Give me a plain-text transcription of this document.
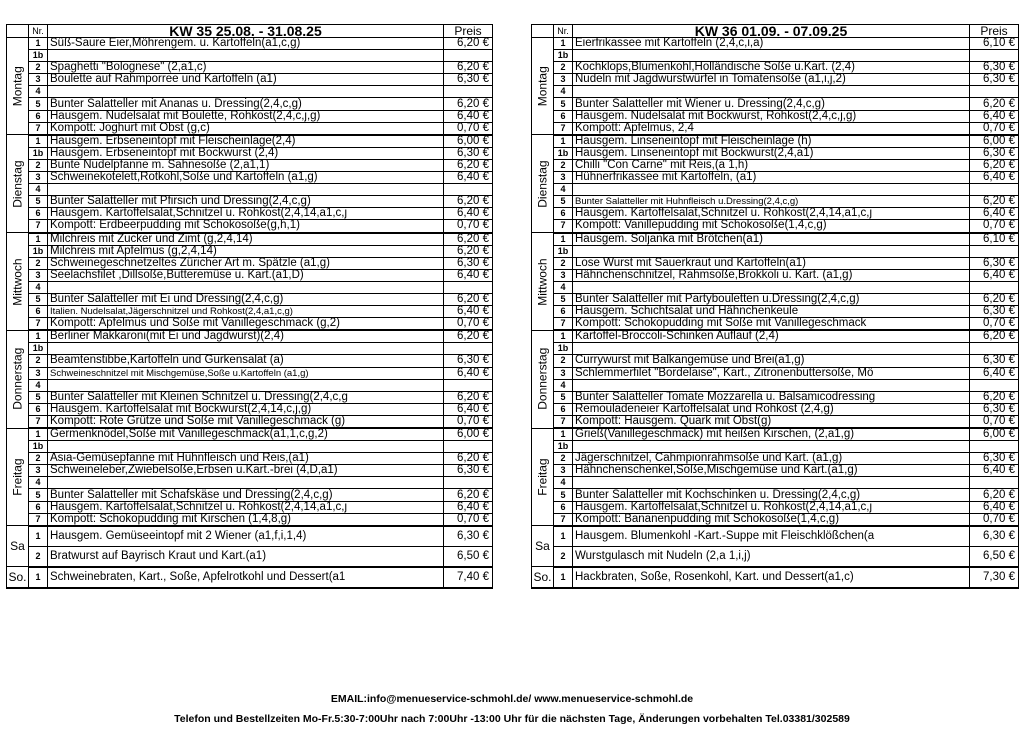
	Nr.	KW 35 25.08. - 31.08.25	Preis
Montag	1	Süß-Saure Eier,Möhrengem. u. Kartoffeln(a1,c,g)	6,20 €
	1b		
	2	Spaghetti "Bolognese" (2,a1,c)	6,20 €
	3	Boulette auf Rahmporree und Kartoffeln (a1)	6,30 €
	4		
	5	Bunter Salatteller mit Ananas u. Dressing(2,4,c,g)	6,20 €
	6	Hausgem. Nudelsalat mit Boulette, Rohkost(2,4,c,j,g)	6,40 €
	7	Kompott: Joghurt mit Obst (g,c)	0,70 €
Dienstag	1	Hausgem. Erbseneintopf mit Fleischeinlage(2,4)	6,00 €
	1b	Hausgem. Erbseneintopf mit Bockwurst (2,4)	6,30 €
	2	Bunte Nudelpfanne m. Sahnesoße (2,a1,1)	6,20 €
	3	Schweinekotelett,Rotkohl,Soße und Kartoffeln (a1,g)	6,40 €
	4		
	5	Bunter Salatteller mit Pfirsich und Dressing(2,4,c,g)	6,20 €
	6	Hausgem. Kartoffelsalat,Schnitzel u. Rohkost(2,4,14,a1,c,j	6,40 €
	7	Kompott: Erdbeerpudding mit Schokosoße(g,h,1)	0,70 €
Mittwoch	1	Milchreis mit Zucker und Zimt (g,2,4,14)	6,20 €
	1b	Milchreis mit Apfelmus (g,2,4,14)	6,20 €
	2	Schweinegeschnetzeltes Züricher Art m. Spätzle (a1,g)	6,30 €
	3	Seelachsfilet ,Dillsoße,Butteremüse u. Kart.(a1,D)	6,40 €
	4		
	5	Bunter Salatteller mit Ei und Dressing(2,4,c,g)	6,20 €
	6	Italien. Nudelsalat,Jägerschnitzel und Rohkost(2,4,a1,c,g)	6,40 €
	7	Kompott: Apfelmus und Soße mit Vanillegeschmack (g,2)	0,70 €
Donnerstag	1	Berliner Makkaroni(mit Ei und Jagdwurst)(2,4)	6,20 €
	1b		
	2	Beamtenstibbe,Kartoffeln und Gurkensalat (a)	6,30 €
	3	Schweineschnitzel mit Mischgemüse,Soße u.Kartoffeln (a1,g)	6,40 €
	4		
	5	Bunter Salatteller mit Kleinen Schnitzel u. Dressing(2,4,c,g	6,20 €
	6	Hausgem. Kartoffelsalat mit Bockwurst(2,4,14,c,j,g)	6,40 €
	7	Kompott: Rote Grütze und Soße mit Vanillegeschmack (g)	0,70 €
Freitag	1	Germenknödel,Soße mit Vanillegeschmack(a1,1,c,g,2)	6,00 €
	1b		
	2	Asia-Gemüsepfanne mit Huhnfleisch und Reis,(a1)	6,20 €
	3	Schweineleber,Zwiebelsoße,Erbsen u.Kart.-brei (4,D,a1)	6,30 €
	4		
	5	Bunter Salatteller mit Schafskäse und Dressing(2,4,c,g)	6,20 €
	6	Hausgem. Kartoffelsalat,Schnitzel u. Rohkost(2,4,14,a1,c,j	6,40 €
	7	Kompott: Schokopudding mit Kirschen (1,4,8,g)	0,70 €
Sa	1	Hausgem. Gemüseeintopf mit 2 Wiener (a1,f,i,1,4)	6,30 €
	2	Bratwurst auf Bayrisch Kraut und Kart.(a1)	6,50 €
So.	1	Schweinebraten, Kart., Soße, Apfelrotkohl und Dessert(a1	7,40 €
	Nr.	KW 36 01.09. - 07.09.25	Preis
Montag	1	Eierfrikassee mit Kartoffeln (2,4,c,i,a)	6,10 €
	1b		
	2	Kochklops,Blumenkohl,Holländische Soße u.Kart. (2,4)	6,30 €
	3	Nudeln mit Jagdwurstwürfel in Tomatensoße (a1,i,j,2)	6,30 €
	4		
	5	Bunter Salatteller mit Wiener u. Dressing(2,4,c,g)	6,20 €
	6	Hausgem. Nudelsalat mit Bockwurst, Rohkost(2,4,c,j,g)	6,40 €
	7	Kompott: Apfelmus, 2,4	0,70 €
Dienstag	1	Hausgem. Linseneintopf mit Fleischeinlage (h)	6,00 €
	1b	Hausgem. Linseneintopf mit Bockwurst(2,4,a1)	6,30 €
	2	Chilli "Con Carne" mit Reis,(a 1,h)	6,20 €
	3	Hühnerfrikassee mit Kartoffeln, (a1)	6,40 €
	4		
	5	Bunter Salatteller mit Huhnfleisch u.Dressing(2,4,c,g)	6,20 €
	6	Hausgem. Kartoffelsalat,Schnitzel u. Rohkost(2,4,14,a1,c,j	6,40 €
	7	Kompott: Vanillepudding mit Schokosoße(1,4,c,g)	0,70 €
Mittwoch	1	Hausgem. Soljanka mit Brötchen(a1)	6,10 €
	1b		
	2	Lose Wurst mit Sauerkraut und Kartoffeln(a1)	6,30 €
	3	Hähnchenschnitzel, Rahmsoße,Brokkoli u. Kart. (a1,g)	6,40 €
	4		
	5	Bunter Salatteller mit Partybouletten u.Dressing(2,4,c,g)	6,20 €
	6	Hausgem. Schichtsalat und Hähnchenkeule	6,30 €
	7	Kompott: Schokopudding mit Soße mit Vanillegeschmack	0,70 €
Donnerstag	1	Kartoffel-Broccoli-Schinken Auflauf (2,4)	6,20 €
	1b		
	2	Currywurst mit Balkangemüse und Brei(a1,g)	6,30 €
	3	Schlemmerfilet "Bordelaise", Kart., Zitronenbuttersoße, Mö	6,40 €
	4		
	5	Bunter Salatteller Tomate Mozzarella u. Balsamicodressing	6,20 €
	6	Remouladeneier Kartoffelsalat und Rohkost (2,4,g)	6,30 €
	7	Kompott: Hausgem. Quark mit Obst(g)	0,70 €
Freitag	1	Grieß(Vanillegeschmack) mit heißen Kirschen, (2,a1,g)	6,00 €
	1b		
	2	Jägerschnitzel, Cahmpionrahmsoße und Kart. (a1,g)	6,30 €
	3	Hähnchenschenkel,Soße,Mischgemüse und Kart.(a1,g)	6,40 €
	4		
	5	Bunter Salatteller mit Kochschinken u. Dressing(2,4,c,g)	6,20 €
	6	Hausgem. Kartoffelsalat,Schnitzel u. Rohkost(2,4,14,a1,c,j	6,40 €
	7	Kompott: Bananenpudding mit Schokosoße(1,4,c,g)	0,70 €
Sa	1	Hausgem. Blumenkohl -Kart.-Suppe mit Fleischklößchen(a	6,30 €
	2	Wurstgulasch mit Nudeln (2,a 1,i,j)	6,50 €
So.	1	Hackbraten, Soße, Rosenkohl, Kart. und Dessert(a1,c)	7,30 €
EMAIL:info@menueservice-schmohl.de/ www.menueservice-schmohl.de
Telefon und Bestellzeiten Mo-Fr.5:30-7:00Uhr nach 7:00Uhr -13:00 Uhr für die nächsten Tage, Änderungen vorbehalten Tel.03381/302589
